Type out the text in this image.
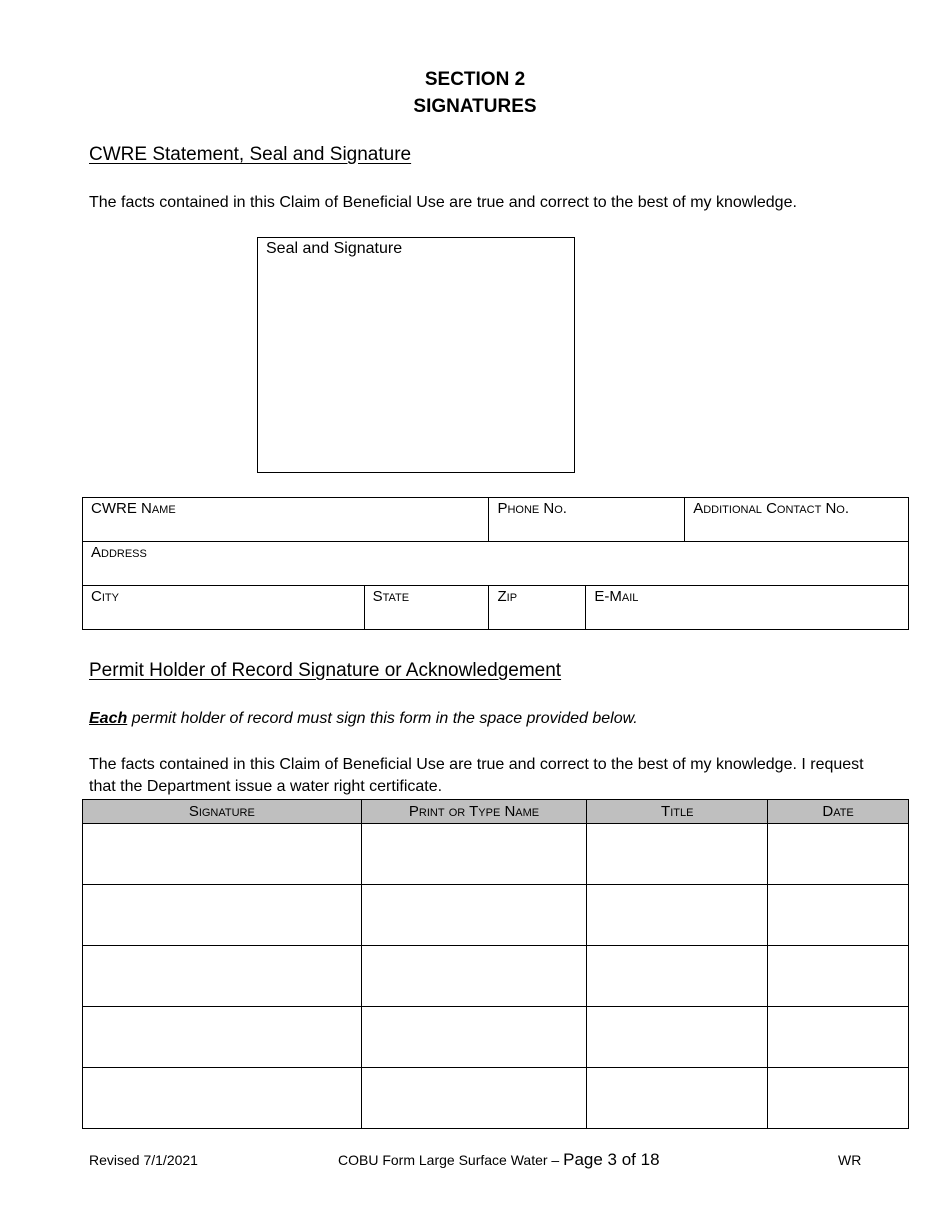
SECTION 2
SIGNATURES
CWRE Statement, Seal and Signature
The facts contained in this Claim of Beneficial Use are true and correct to the best of my knowledge.
Seal and Signature
CWRE Name		Phone No.		Additional Contact No.
Address				
City	State	Zip	E-Mail	
Permit Holder of Record Signature or Acknowledgement
Each permit holder of record must sign this form in the space provided below.
The facts contained in this Claim of Beneficial Use are true and correct to the best of my knowledge. I request that the Department issue a water right certificate.
Signature	Print or Type Name	Title	Date

Revised 7/1/2021	COBU Form Large Surface Water – Page 3 of 18	WR
